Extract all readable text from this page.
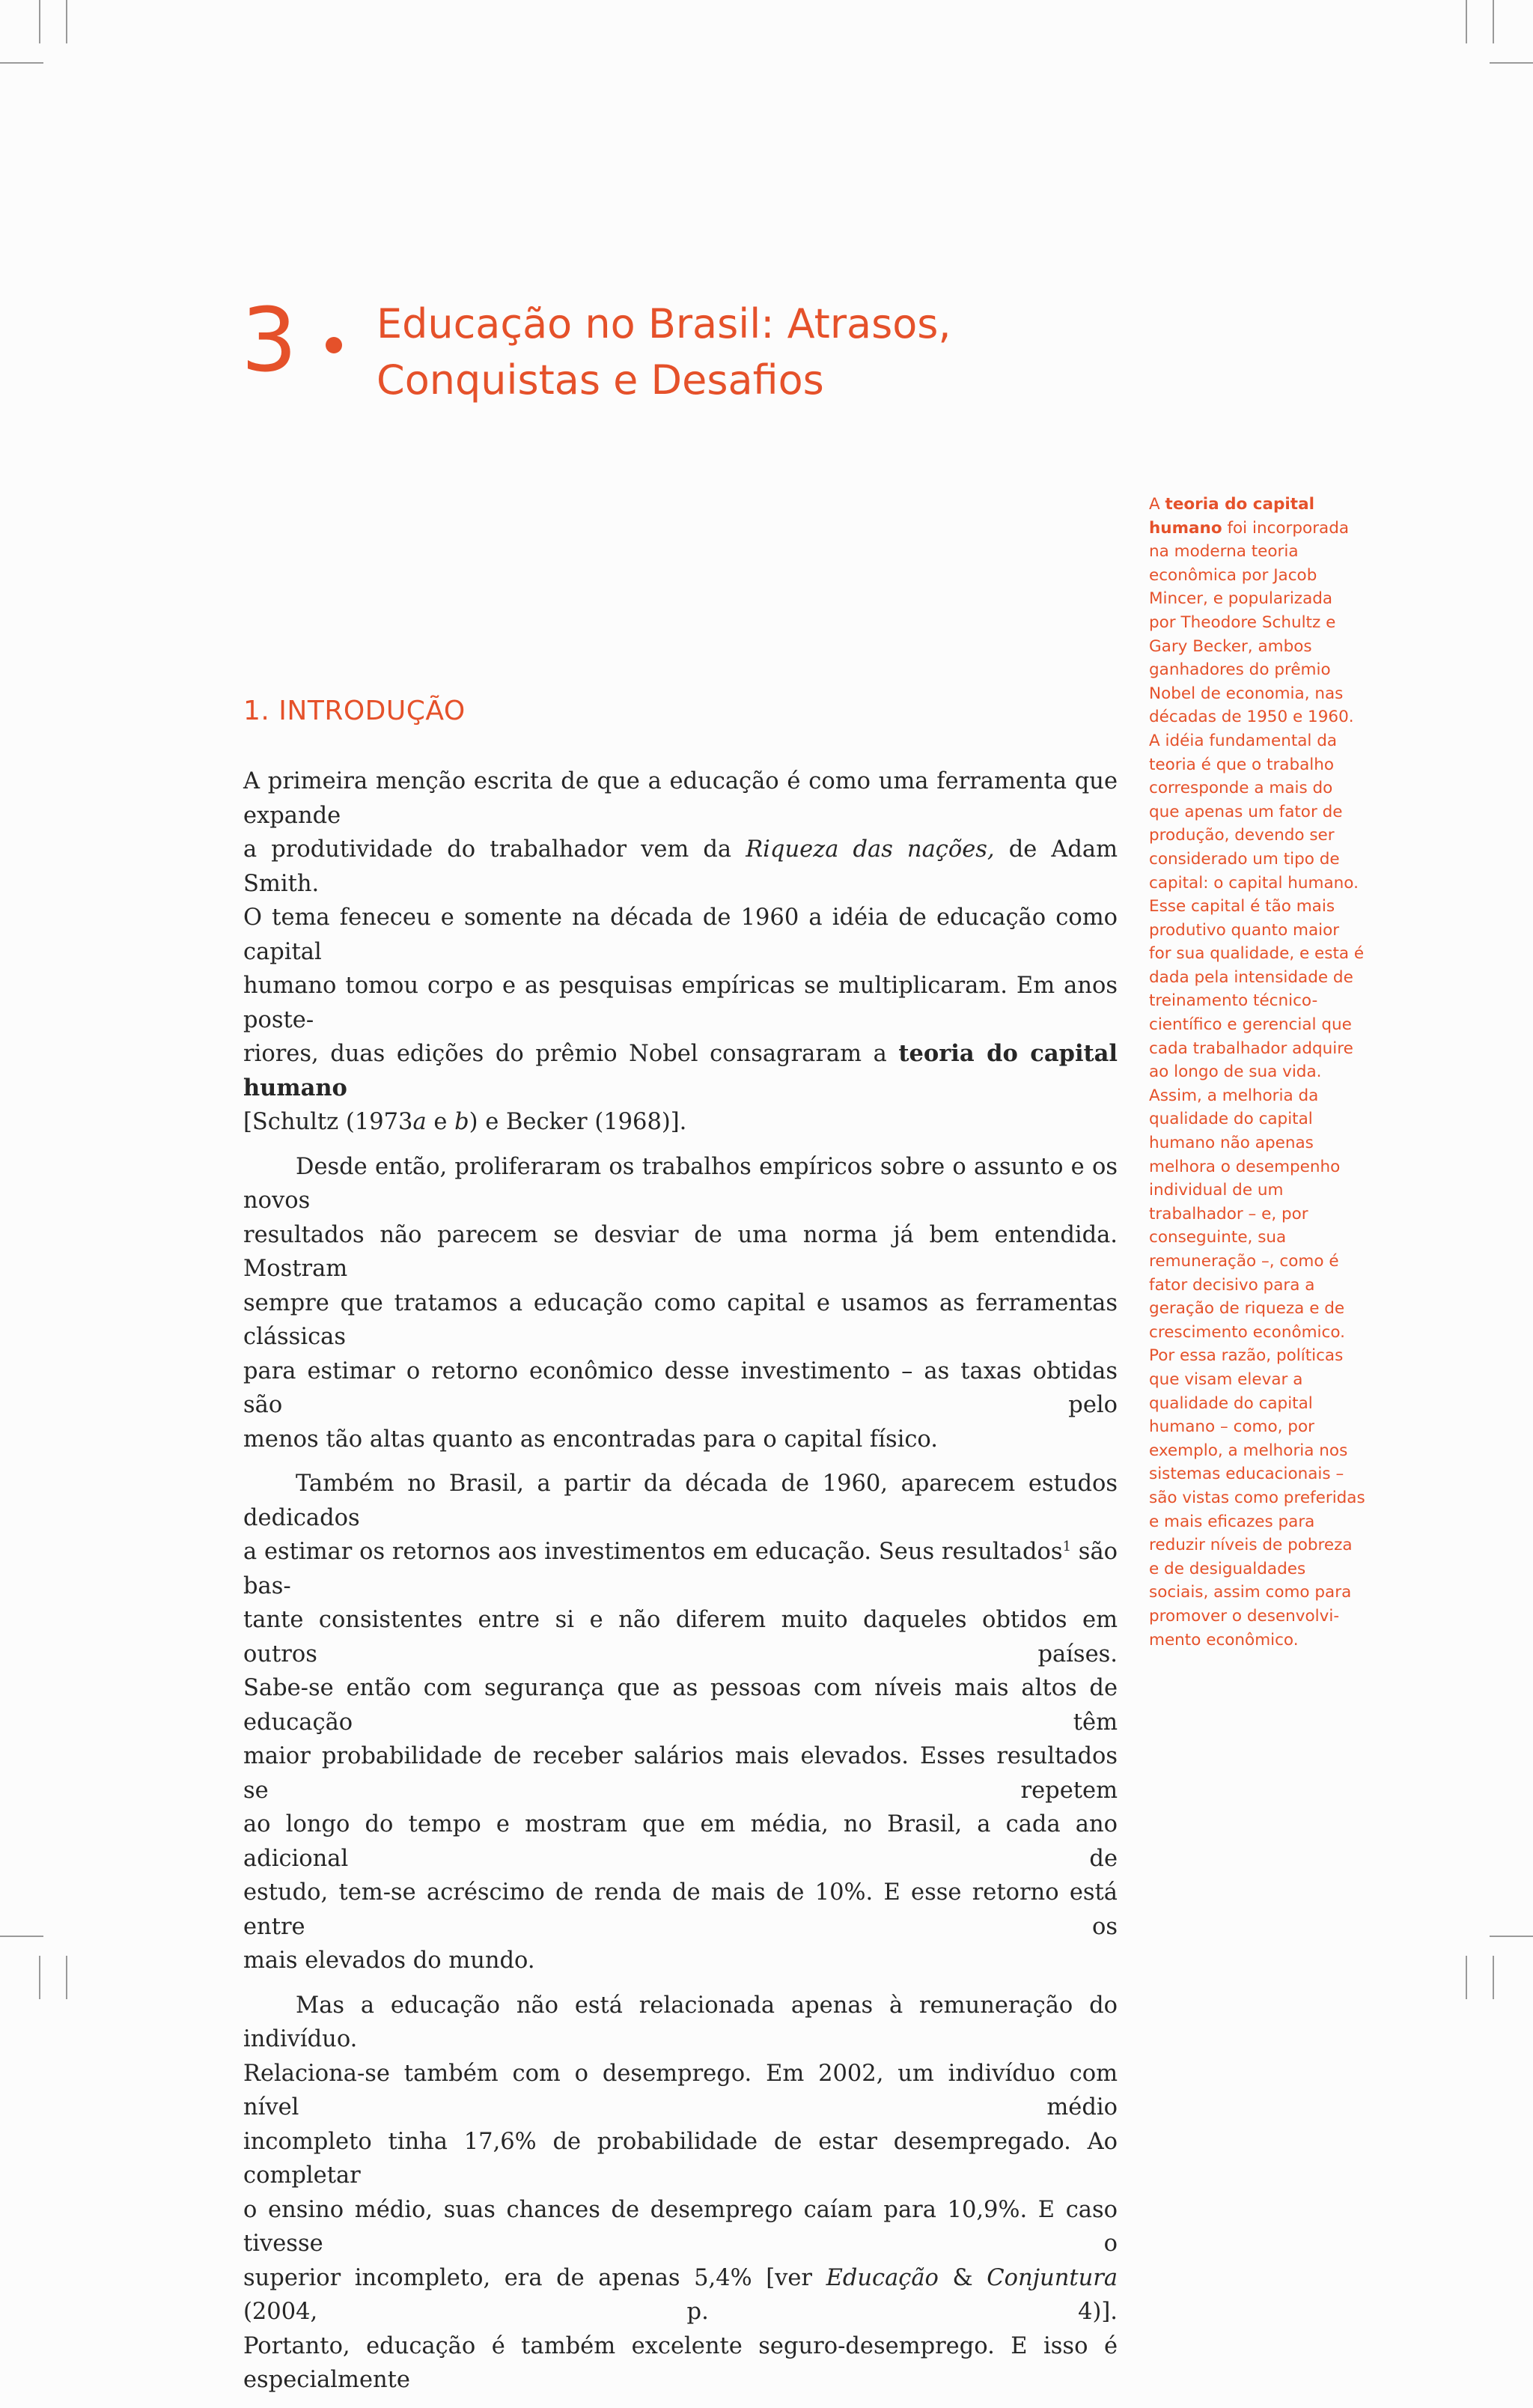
3 Educação no Brasil: Atrasos,
Conquistas e Desafios
1. INTRODUÇÃO

A primeira menção escrita de que a educação é como uma ferramenta que expande
a produtividade do trabalhador vem da Riqueza das nações, de Adam Smith.
O tema feneceu e somente na década de 1960 a idéia de educação como capital
humano tomou corpo e as pesquisas empíricas se multiplicaram. Em anos poste-
riores, duas edições do prêmio Nobel consagraram a teoria do capital humano
[Schultz (1973a e b) e Becker (1968)].

Desde então, proliferaram os trabalhos empíricos sobre o assunto e os novos
resultados não parecem se desviar de uma norma já bem entendida. Mostram
sempre que tratamos a educação como capital e usamos as ferramentas clássicas
para estimar o retorno econômico desse investimento – as taxas obtidas são pelo
menos tão altas quanto as encontradas para o capital físico.

Também no Brasil, a partir da década de 1960, aparecem estudos dedicados
a estimar os retornos aos investimentos em educação. Seus resultados$^1$ são bas-
tante consistentes entre si e não diferem muito daqueles obtidos em outros países.
Sabe-se então com segurança que as pessoas com níveis mais altos de educação têm
maior probabilidade de receber salários mais elevados. Esses resultados se repetem
ao longo do tempo e mostram que em média, no Brasil, a cada ano adicional de
estudo, tem-se acréscimo de renda de mais de 10%. E esse retorno está entre os
mais elevados do mundo.

Mas a educação não está relacionada apenas à remuneração do indivíduo.
Relaciona-se também com o desemprego. Em 2002, um indivíduo com nível médio
incompleto tinha 17,6% de probabilidade de estar desempregado. Ao completar
o ensino médio, suas chances de desemprego caíam para 10,9%. E caso tivesse o
superior incompleto, era de apenas 5,4% [ver Educação & Conjuntura (2004, p. 4)].
Portanto, educação é também excelente seguro-desemprego. E isso é especialmente

A teoria do capital
humano foi incorporada
na moderna teoria
econômica por Jacob
Mincer, e popularizada
por Theodore Schultz e
Gary Becker, ambos
ganhadores do prêmio
Nobel de economia, nas
décadas de 1950 e 1960.
A idéia fundamental da
teoria é que o trabalho
corresponde a mais do
que apenas um fator de
produção, devendo ser
considerado um tipo de
capital: o capital humano.
Esse capital é tão mais
produtivo quanto maior
for sua qualidade, e esta é
dada pela intensidade de
treinamento técnico-
científico e gerencial que
cada trabalhador adquire
ao longo de sua vida.
Assim, a melhoria da
qualidade do capital
humano não apenas
melhora o desempenho
individual de um
trabalhador – e, por
conseguinte, sua
remuneração –, como é
fator decisivo para a
geração de riqueza e de
crescimento econômico.
Por essa razão, políticas
que visam elevar a
qualidade do capital
humano – como, por
exemplo, a melhoria nos
sistemas educacionais –
são vistas como preferidas
e mais eficazes para
reduzir níveis de pobreza
e de desigualdades
sociais, assim como para
promover o desenvolvi-
mento econômico.
